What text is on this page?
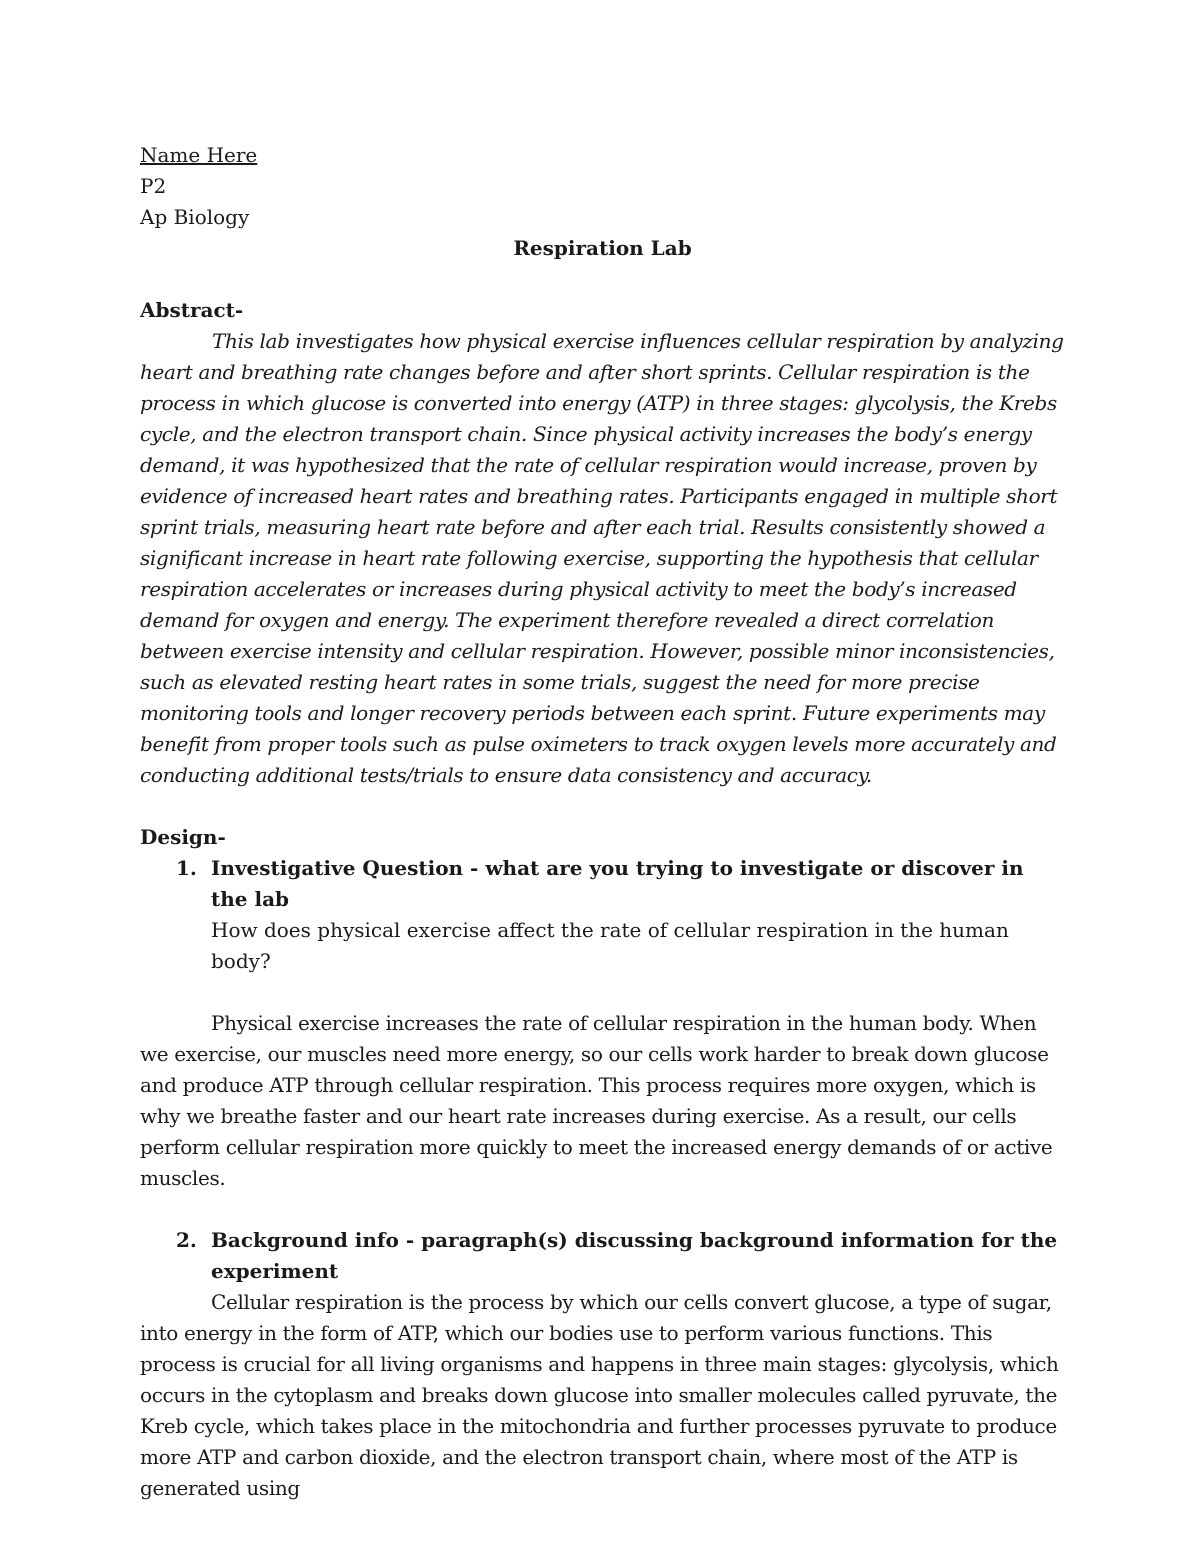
Name Here

P2

Ap Biology

Respiration Lab

Abstract-

This lab investigates how physical exercise influences cellular respiration by analyzing heart and breathing rate changes before and after short sprints. Cellular respiration is the process in which glucose is converted into energy (ATP) in three stages: glycolysis, the Krebs cycle, and the electron transport chain. Since physical activity increases the body’s energy demand, it was hypothesized that the rate of cellular respiration would increase, proven by evidence of increased heart rates and breathing rates. Participants engaged in multiple short sprint trials, measuring heart rate before and after each trial. Results consistently showed a significant increase in heart rate following exercise, supporting the hypothesis that cellular respiration accelerates or increases during physical activity to meet the body’s increased demand for oxygen and energy. The experiment therefore revealed a direct correlation between exercise intensity and cellular respiration. However, possible minor inconsistencies, such as elevated resting heart rates in some trials, suggest the need for more precise monitoring tools and longer recovery periods between each sprint. Future experiments may benefit from proper tools such as pulse oximeters to track oxygen levels more accurately and conducting additional tests/trials to ensure data consistency and accuracy.

Design-

1. Investigative Question - what are you trying to investigate or discover in the lab

How does physical exercise affect the rate of cellular respiration in the human body?

Physical exercise increases the rate of cellular respiration in the human body. When we exercise, our muscles need more energy, so our cells work harder to break down glucose and produce ATP through cellular respiration. This process requires more oxygen, which is why we breathe faster and our heart rate increases during exercise. As a result, our cells perform cellular respiration more quickly to meet the increased energy demands of or active muscles.

2. Background info - paragraph(s) discussing background information for the experiment

Cellular respiration is the process by which our cells convert glucose, a type of sugar, into energy in the form of ATP, which our bodies use to perform various functions. This process is crucial for all living organisms and happens in three main stages: glycolysis, which occurs in the cytoplasm and breaks down glucose into smaller molecules called pyruvate, the Kreb cycle, which takes place in the mitochondria and further processes pyruvate to produce more ATP and carbon dioxide, and the electron transport chain, where most of the ATP is generated using
